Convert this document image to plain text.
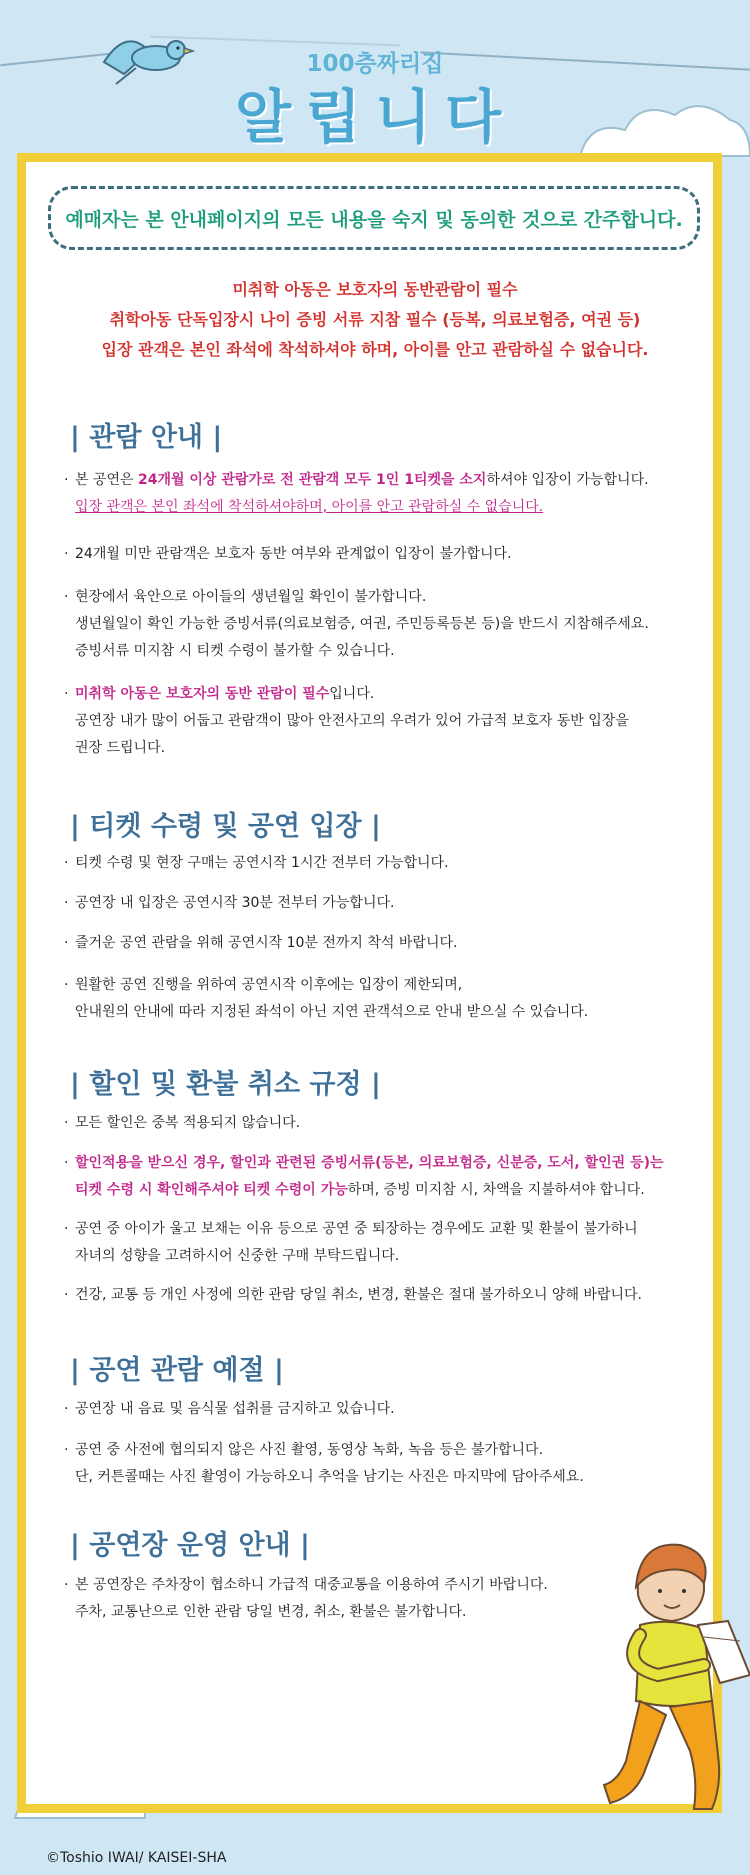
100층짜리집
알립니다
예매자는 본 안내페이지의 모든 내용을 숙지 및 동의한 것으로 간주합니다.
미취학 아동은 보호자의 동반관람이 필수
취학아동 단독입장시 나이 증빙 서류 지참 필수 (등복, 의료보험증, 여권 등)
입장 관객은 본인 좌석에 착석하셔야 하며, 아이를 안고 관람하실 수 없습니다.
| 관람 안내 |

· 본 공연은 24개월 이상 관람가로 전 관람객 모두 1인 1티켓을 소지하셔야 입장이 가능합니다.

입장 관객은 본인 좌석에 착석하셔야하며, 아이를 안고 관람하실 수 없습니다.

· 24개월 미만 관람객은 보호자 동반 여부와 관계없이 입장이 불가합니다.

· 현장에서 육안으로 아이들의 생년월일 확인이 불가합니다.

생년월일이 확인 가능한 증빙서류(의료보험증, 여권, 주민등록등본 등)을 반드시 지참해주세요.

증빙서류 미지참 시 티켓 수령이 불가할 수 있습니다.

· 미취학 아동은 보호자의 동반 관람이 필수입니다.

공연장 내가 많이 어둡고 관람객이 많아 안전사고의 우려가 있어 가급적 보호자 동반 입장을

권장 드립니다.

| 티켓 수령 및 공연 입장 |

· 티켓 수령 및 현장 구매는 공연시작 1시간 전부터 가능합니다.

· 공연장 내 입장은 공연시작 30분 전부터 가능합니다.

· 즐거운 공연 관람을 위해 공연시작 10분 전까지 착석 바랍니다.

· 원활한 공연 진행을 위하여 공연시작 이후에는 입장이 제한되며,

안내원의 안내에 따라 지정된 좌석이 아닌 지연 관객석으로 안내 받으실 수 있습니다.

| 할인 및 환불 취소 규정 |

· 모든 할인은 중복 적용되지 않습니다.

· 할인적용을 받으신 경우, 할인과 관련된 증빙서류(등본, 의료보험증, 신분증, 도서, 할인권 등)는

티켓 수령 시 확인해주셔야 티켓 수령이 가능하며, 증빙 미지참 시, 차액을 지불하셔야 합니다.

· 공연 중 아이가 울고 보채는 이유 등으로 공연 중 퇴장하는 경우에도 교환 및 환불이 불가하니

자녀의 성향을 고려하시어 신중한 구매 부탁드립니다.

· 건강, 교통 등 개인 사정에 의한 관람 당일 취소, 변경, 환불은 절대 불가하오니 양해 바랍니다.

| 공연 관람 예절 |

· 공연장 내 음료 및 음식물 섭취를 금지하고 있습니다.

· 공연 중 사전에 협의되지 않은 사진 촬영, 동영상 녹화, 녹음 등은 불가합니다.

단, 커튼콜때는 사진 촬영이 가능하오니 추억을 남기는 사진은 마지막에 담아주세요.

| 공연장 운영 안내 |

· 본 공연장은 주차장이 협소하니 가급적 대중교통을 이용하여 주시기 바랍니다.

주차, 교통난으로 인한 관람 당일 변경, 취소, 환불은 불가합니다.

©Toshio IWAI/ KAISEI-SHA
